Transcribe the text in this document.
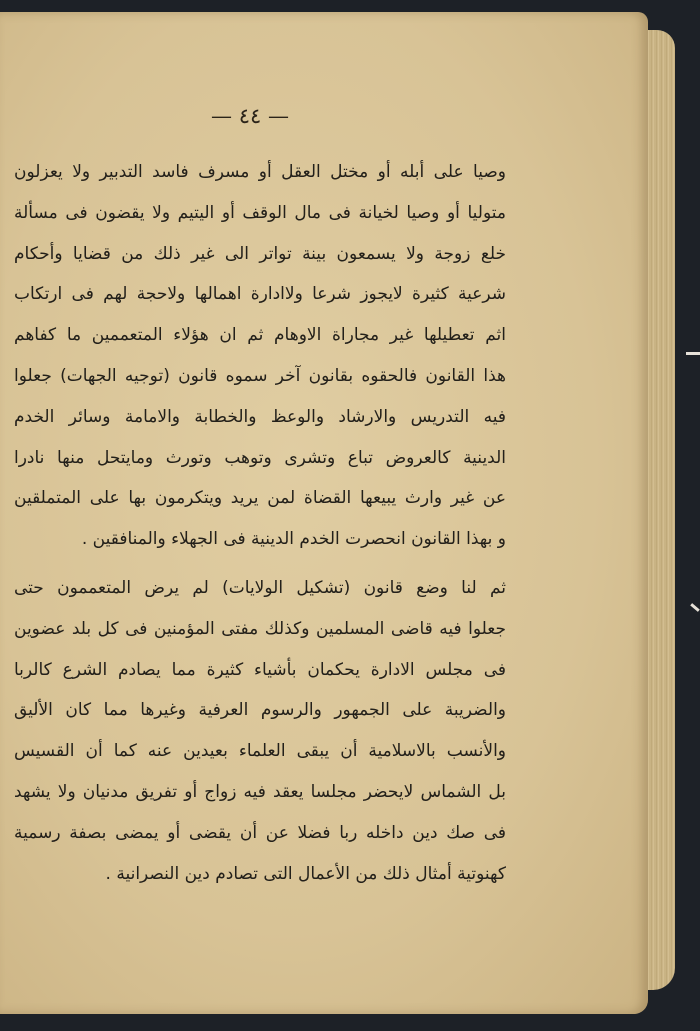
— ٤٤ —
وصيا على أبله أو مختل العقل أو مسرف فاسد التدبير ولا يعزلون
متوليا أو وصيا لخيانة فى مال الوقف أو اليتيم ولا يقضون فى مسألة
خلع زوجة ولا يسمعون بينة تواتر الى غير ذلك من قضايا وأحكام
شرعية كثيرة لايجوز شرعا ولاادارة اهمالها ولاحجة لهم فى ارتكاب
اثم تعطيلها غير مجاراة الاوهام ثم ان هؤلاء المتعممين ما كفاهم
هذا القانون فالحقوه بقانون آخر سموه قانون (توجيه الجهات) جعلوا
فيه التدريس والارشاد والوعظ والخطابة والامامة وسائر الخدم
الدينية كالعروض تباع وتشرى وتوهب وتورث ومايتحل منها نادرا
عن غير وارث يبيعها القضاة لمن يريد ويتكرمون بها على المتملقين
و بهذا القانون انحصرت الخدم الدينية فى الجهلاء والمنافقين .
ثم لنا وضع قانون (تشكيل الولايات) لم يرض المتعممون حتى
جعلوا فيه قاضى المسلمين وكذلك مفتى المؤمنين فى كل بلد عضوين
فى مجلس الادارة يحكمان بأشياء كثيرة مما يصادم الشرع كالربا
والضريبة على الجمهور والرسوم العرفية وغيرها مما كان الأليق
والأنسب بالاسلامية أن يبقى العلماء بعيدين عنه كما أن القسيس
بل الشماس لايحضر مجلسا يعقد فيه زواج أو تفريق مدنيان ولا يشهد
فى صك دين داخله ربا فضلا عن أن يقضى أو يمضى بصفة رسمية
كهنوتية أمثال ذلك من الأعمال التى تصادم دين النصرانية .
